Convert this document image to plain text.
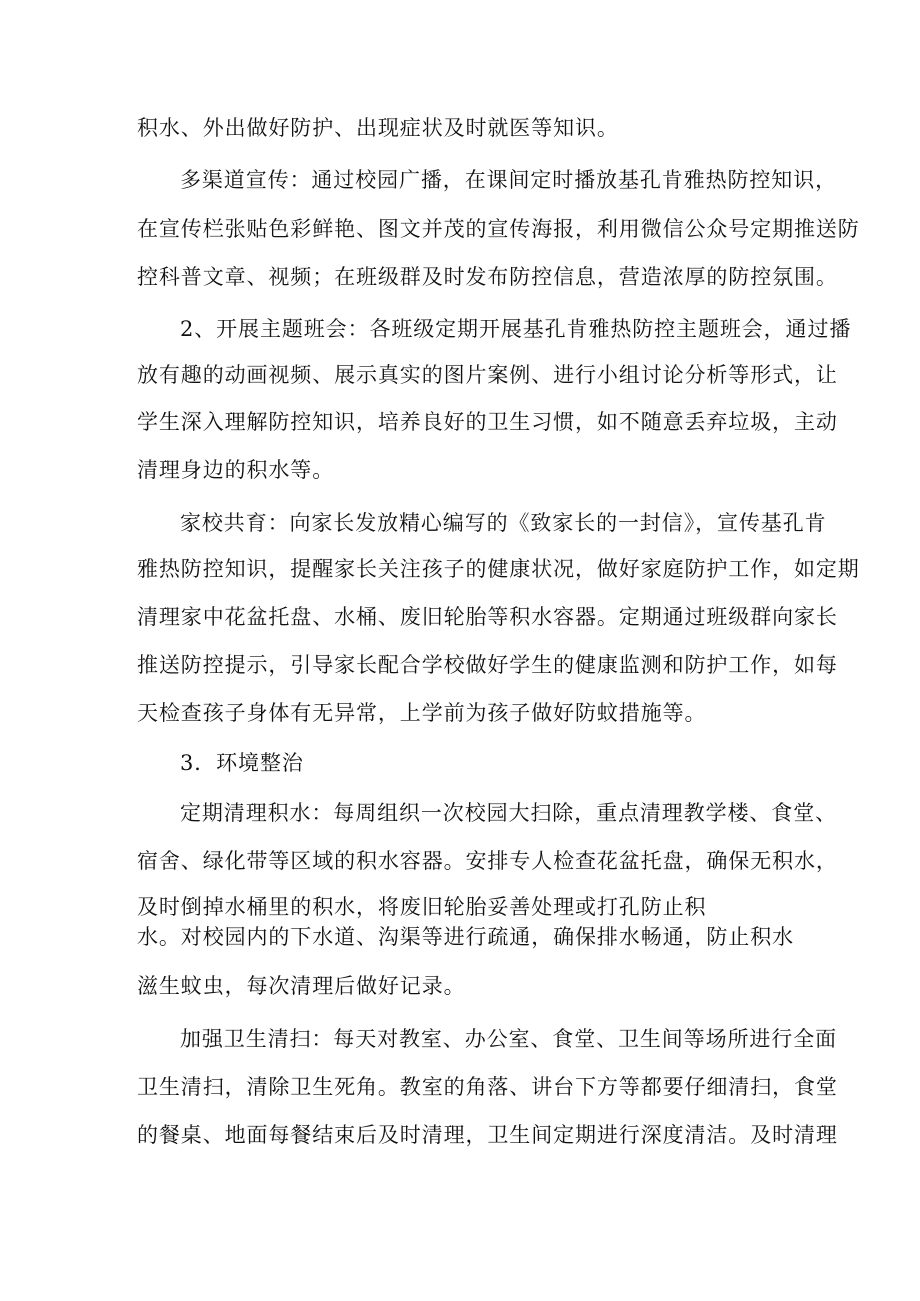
积水、外出做好防护、出现症状及时就医等知识。
多渠道宣传：通过校园广播，在课间定时播放基孔肯雅热防控知识，
在宣传栏张贴色彩鲜艳、图文并茂的宣传海报，利用微信公众号定期推送防
控科普文章、视频；在班级群及时发布防控信息，营造浓厚的防控氛围。
2、开展主题班会：各班级定期开展基孔肯雅热防控主题班会，通过播
放有趣的动画视频、展示真实的图片案例、进行小组讨论分析等形式，让
学生深入理解防控知识，培养良好的卫生习惯，如不随意丢弃垃圾，主动
清理身边的积水等。
家校共育：向家长发放精心编写的《致家长的一封信》，宣传基孔肯
雅热防控知识，提醒家长关注孩子的健康状况，做好家庭防护工作，如定期
清理家中花盆托盘、水桶、废旧轮胎等积水容器。定期通过班级群向家长
推送防控提示，引导家长配合学校做好学生的健康监测和防护工作，如每
天检查孩子身体有无异常，上学前为孩子做好防蚊措施等。
3．环境整治
定期清理积水：每周组织一次校园大扫除，重点清理教学楼、食堂、
宿舍、绿化带等区域的积水容器。安排专人检查花盆托盘，确保无积水，
及时倒掉水桶里的积水，将废旧轮胎妥善处理或打孔防止积
水。对校园内的下水道、沟渠等进行疏通，确保排水畅通，防止积水
滋生蚊虫，每次清理后做好记录。
加强卫生清扫：每天对教室、办公室、食堂、卫生间等场所进行全面
卫生清扫，清除卫生死角。教室的角落、讲台下方等都要仔细清扫，食堂
的餐桌、地面每餐结束后及时清理，卫生间定期进行深度清洁。及时清理
